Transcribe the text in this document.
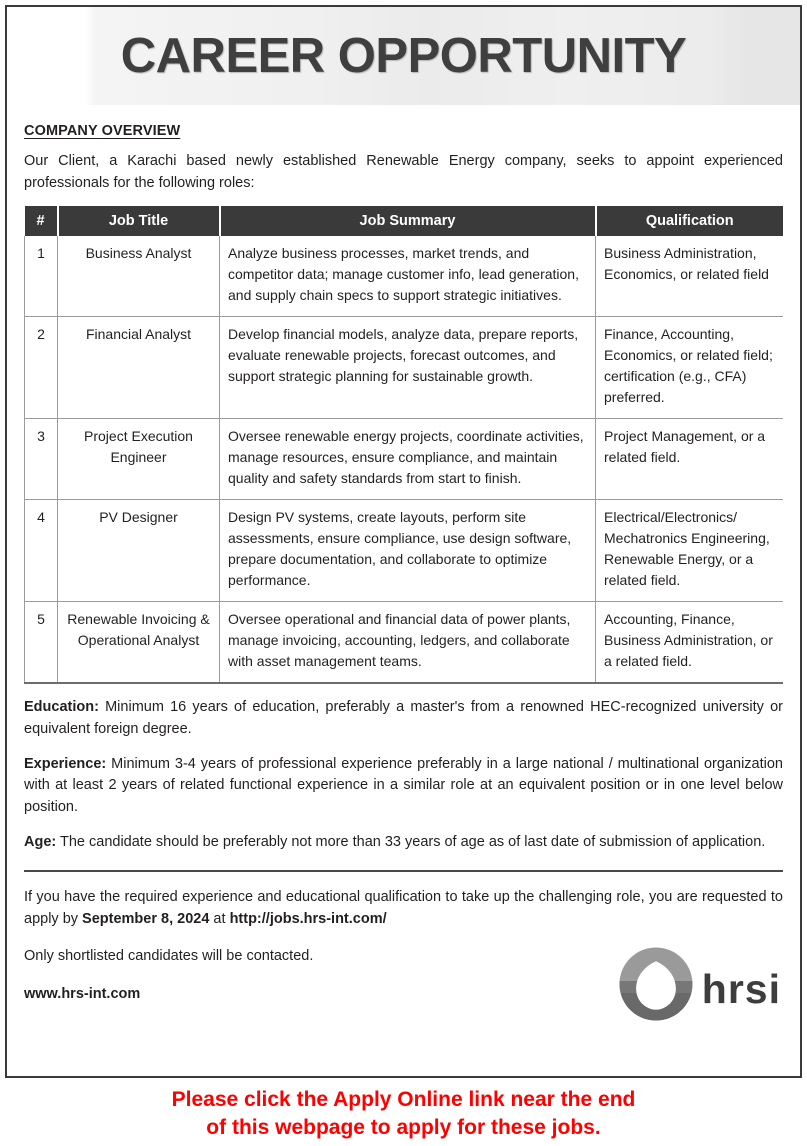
CAREER OPPORTUNITY
COMPANY OVERVIEW

Our Client, a Karachi based newly established Renewable Energy company, seeks to appoint experienced professionals for the following roles:

#	Job Title	Job Summary	Qualification
1	Business Analyst	Analyze business processes, market trends, and competitor data; manage customer info, lead generation, and supply chain specs to support strategic initiatives.	Business Administration, Economics, or related field
2	Financial Analyst	Develop financial models, analyze data, prepare reports, evaluate renewable projects, forecast outcomes, and support strategic planning for sustainable growth.	Finance, Accounting, Economics, or related field; certification (e.g., CFA) preferred.
3	Project Execution Engineer	Oversee renewable energy projects, coordinate activities, manage resources, ensure compliance, and maintain quality and safety standards from start to finish.	Project Management, or a related field.
4	PV Designer	Design PV systems, create layouts, perform site assessments, ensure compliance, use design software, prepare documentation, and collaborate to optimize performance.	Electrical/Electronics/ Mechatronics Engineering, Renewable Energy, or a related field.
5	Renewable Invoicing & Operational Analyst	Oversee operational and financial data of power plants, manage invoicing, accounting, ledgers, and collaborate with asset management teams.	Accounting, Finance, Business Administration, or a related field.

Education: Minimum 16 years of education, preferably a master's from a renowned HEC-recognized university or equivalent foreign degree.

Experience: Minimum 3-4 years of professional experience preferably in a large national / multinational organization with at least 2 years of related functional experience in a similar role at an equivalent position or in one level below position.

Age: The candidate should be preferably not more than 33 years of age as of last date of submission of application.

If you have the required experience and educational qualification to take up the challenging role, you are requested to apply by September 8, 2024 at http://jobs.hrs-int.com/

Only shortlisted candidates will be contacted.

www.hrs-int.com	hrsi
Please click the Apply Online link near the end
of this webpage to apply for these jobs.
